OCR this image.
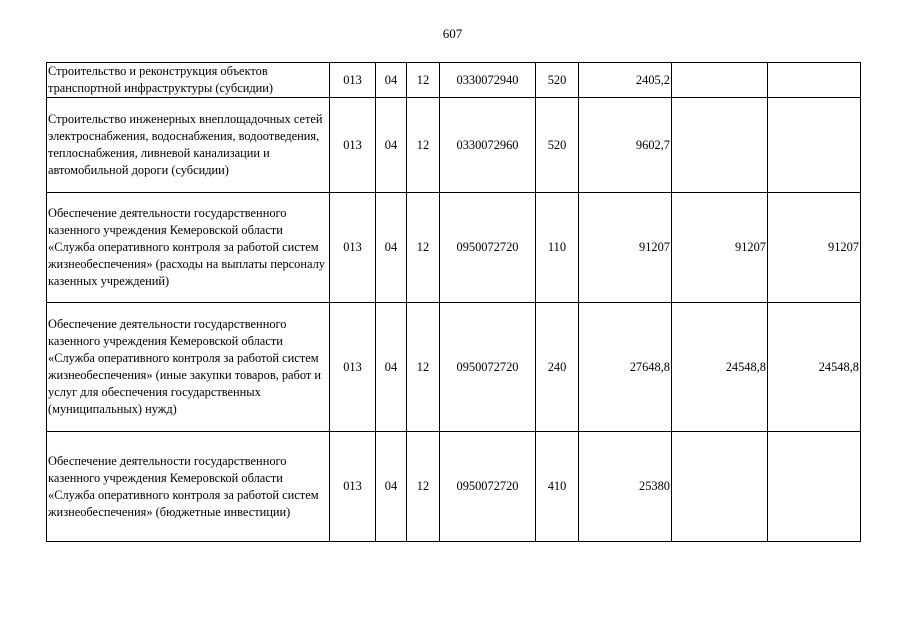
607
Строительство и реконструкция объектов транспортной инфраструктуры (субсидии)	013	04	12	0330072940	520	2405,2		
Строительство инженерных внеплощадочных сетей электроснабжения, водоснабжения, водоотведения, теплоснабжения, ливневой канализации и автомобильной дороги (субсидии)	013	04	12	0330072960	520	9602,7		
Обеспечение деятельности государственного казенного учреждения Кемеровской области «Служба оперативного контроля за работой систем жизнеобеспечения» (расходы на выплаты персоналу казенных учреждений)	013	04	12	0950072720	110	91207	91207	91207
Обеспечение деятельности государственного казенного учреждения Кемеровской области «Служба оперативного контроля за работой систем жизнеобеспечения» (иные закупки товаров, работ и услуг для обеспечения государственных (муниципальных) нужд)	013	04	12	0950072720	240	27648,8	24548,8	24548,8
Обеспечение деятельности государственного казенного учреждения Кемеровской области «Служба оперативного контроля за работой систем жизнеобеспечения» (бюджетные инвестиции)	013	04	12	0950072720	410	25380		
